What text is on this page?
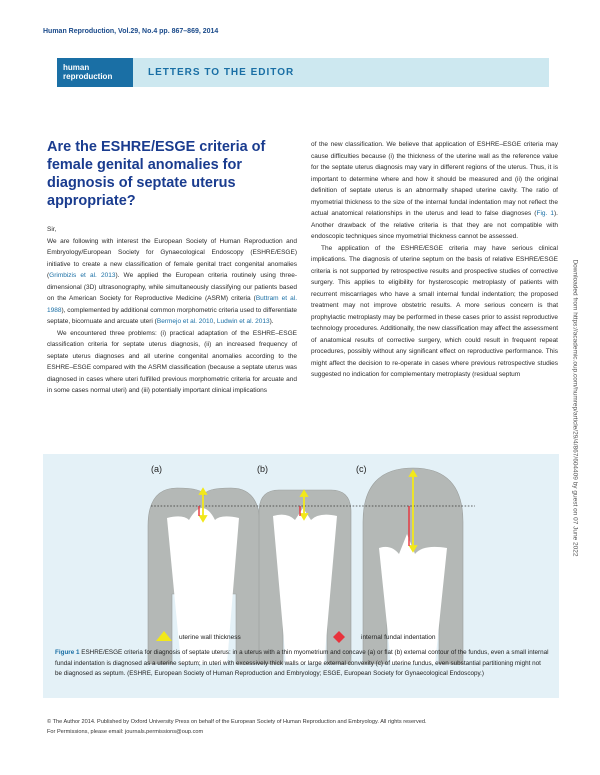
Human Reproduction, Vol.29, No.4 pp. 867–869, 2014
human
reproduction	LETTERS TO THE EDITOR
Are the ESHRE/ESGE criteria of female genital anomalies for diagnosis of septate uterus appropriate?

Sir,

We are following with interest the European Society of Human Reproduction and Embryology/European Society for Gynaecological Endoscopy (ESHRE/ESGE) initiative to create a new classification of female genital tract congenital anomalies (Grimbizis et al. 2013). We applied the European criteria routinely using three-dimensional (3D) ultrasonography, while simultaneously classifying our patients based on the American Society for Reproductive Medicine (ASRM) criteria (Buttram et al. 1988), complemented by additional common morphometric criteria used to differentiate septate, bicornuate and arcuate uteri (Bermejo et al. 2010, Ludwin et al. 2013).

We encountered three problems: (i) practical adaptation of the ESHRE–ESGE classification criteria for septate uterus diagnosis, (ii) an increased frequency of septate uterus diagnoses and all uterine congenital anomalies according to the ESHRE–ESGE compared with the ASRM classification (because a septate uterus was diagnosed in cases where uteri fulfilled previous morphometric criteria for arcuate and in some cases normal uteri) and (iii) potentially important clinical implications

of the new classification. We believe that application of ESHRE–ESGE criteria may cause difficulties because (i) the thickness of the uterine wall as the reference value for the septate uterus diagnosis may vary in different regions of the uterus. Thus, it is important to determine where and how it should be measured and (ii) the original definition of septate uterus is an abnormally shaped uterine cavity. The ratio of myometrial thickness to the size of the internal fundal indentation may not reflect the actual anatomical relationships in the uterus and lead to false diagnoses (Fig. 1). Another drawback of the relative criteria is that they are not compatible with endoscopic techniques since myometrial thickness cannot be assessed.

The application of the ESHRE/ESGE criteria may have serious clinical implications. The diagnosis of uterine septum on the basis of relative ESHRE/ESGE criteria is not supported by retrospective results and prospective studies of corrective surgery. This applies to eligibility for hysteroscopic metroplasty of patients with recurrent miscarriages who have a small internal fundal indentation; the proposed treatment may not improve obstetric results. A more serious concern is that prophylactic metroplasty may be performed in these cases prior to assist reproductive technology procedures. Additionally, the new classification may affect the assessment of anatomical results of corrective surgery, which could result in frequent repeat procedures, possibly without any significant effect on reproductive performance. This might affect the decision to re-operate in cases where previous retrospective studies suggested no indication for complementary metroplasty (residual septum	Downloaded from https://academic.oup.com/humrep/article/29/4/867/604409 by guest on 07 June 2022
(a)	(b)	(c)
uterine wall thickness	internal fundal indentation
Figure 1 ESHRE/ESGE criteria for diagnosis of septate uterus: in a uterus with a thin myometrium and concave (a) or flat (b) external contour of the fundus, even a small internal fundal indentation is diagnosed as a uterine septum; in uteri with excessively thick walls or large external convexity (c) of uterine fundus, even substantial partitioning might not be diagnosed as septum. (ESHRE, European Society of Human Reproduction and Embryology; ESGE, European Society for Gynaecological Endoscopy.)
© The Author 2014. Published by Oxford University Press on behalf of the European Society of Human Reproduction and Embryology. All rights reserved.
For Permissions, please email: journals.permissions@oup.com
